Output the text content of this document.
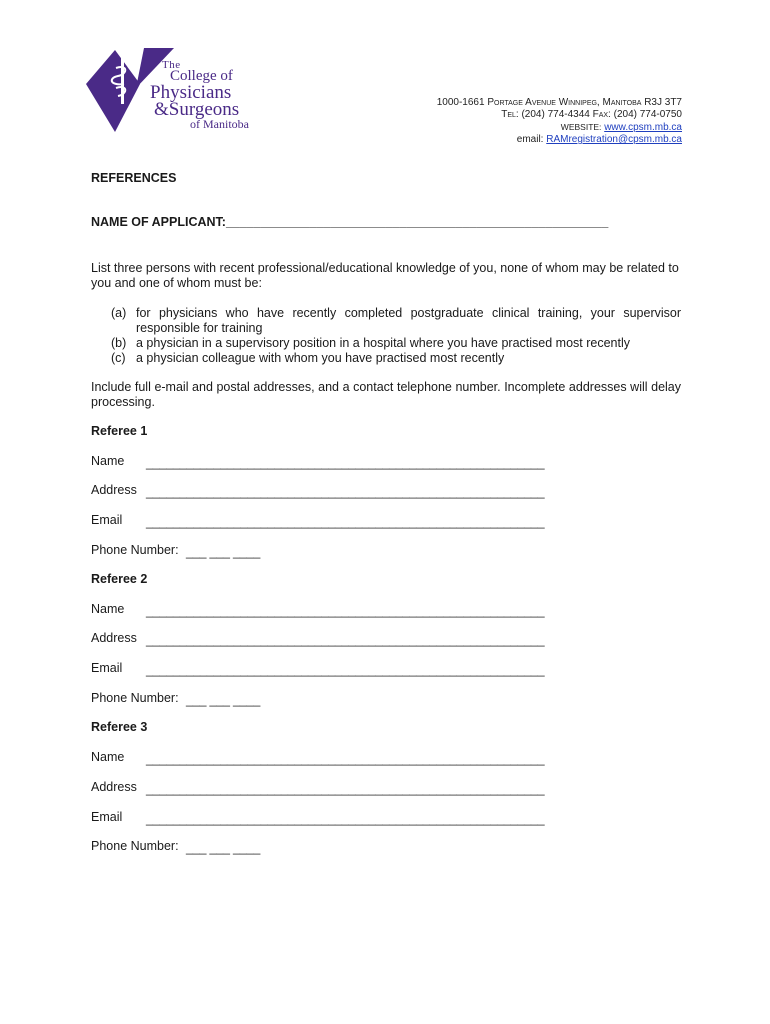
The
College of
Physicians
&Surgeons
of Manitoba
1000-1661 Portage Avenue Winnipeg, Manitoba R3J 3T7
Tel: (204) 774-4344 Fax: (204) 774-0750
WEBSITE: www.cpsm.mb.ca
email: RAMregistration@cpsm.mb.ca
REFERENCES
NAME OF APPLICANT:_______________________________________________________
List three persons with recent professional/educational knowledge of you, none of whom may be related to you and one of whom must be:
(a) for physicians who have recently completed postgraduate clinical training, your supervisor responsible for training
(b) a physician in a supervisory position in a hospital where you have practised most recently
(c) a physician colleague with whom you have practised most recently
Include full e-mail and postal addresses, and a contact telephone number. Incomplete addresses will delay processing.
Referee 1
Name ___________________________________________________________
Address ___________________________________________________________
Email ___________________________________________________________
Phone Number: ___ ___ ____
Referee 2
Name ___________________________________________________________
Address ___________________________________________________________
Email ___________________________________________________________
Phone Number: ___ ___ ____
Referee 3
Name ___________________________________________________________
Address ___________________________________________________________
Email ___________________________________________________________
Phone Number: ___ ___ ____
